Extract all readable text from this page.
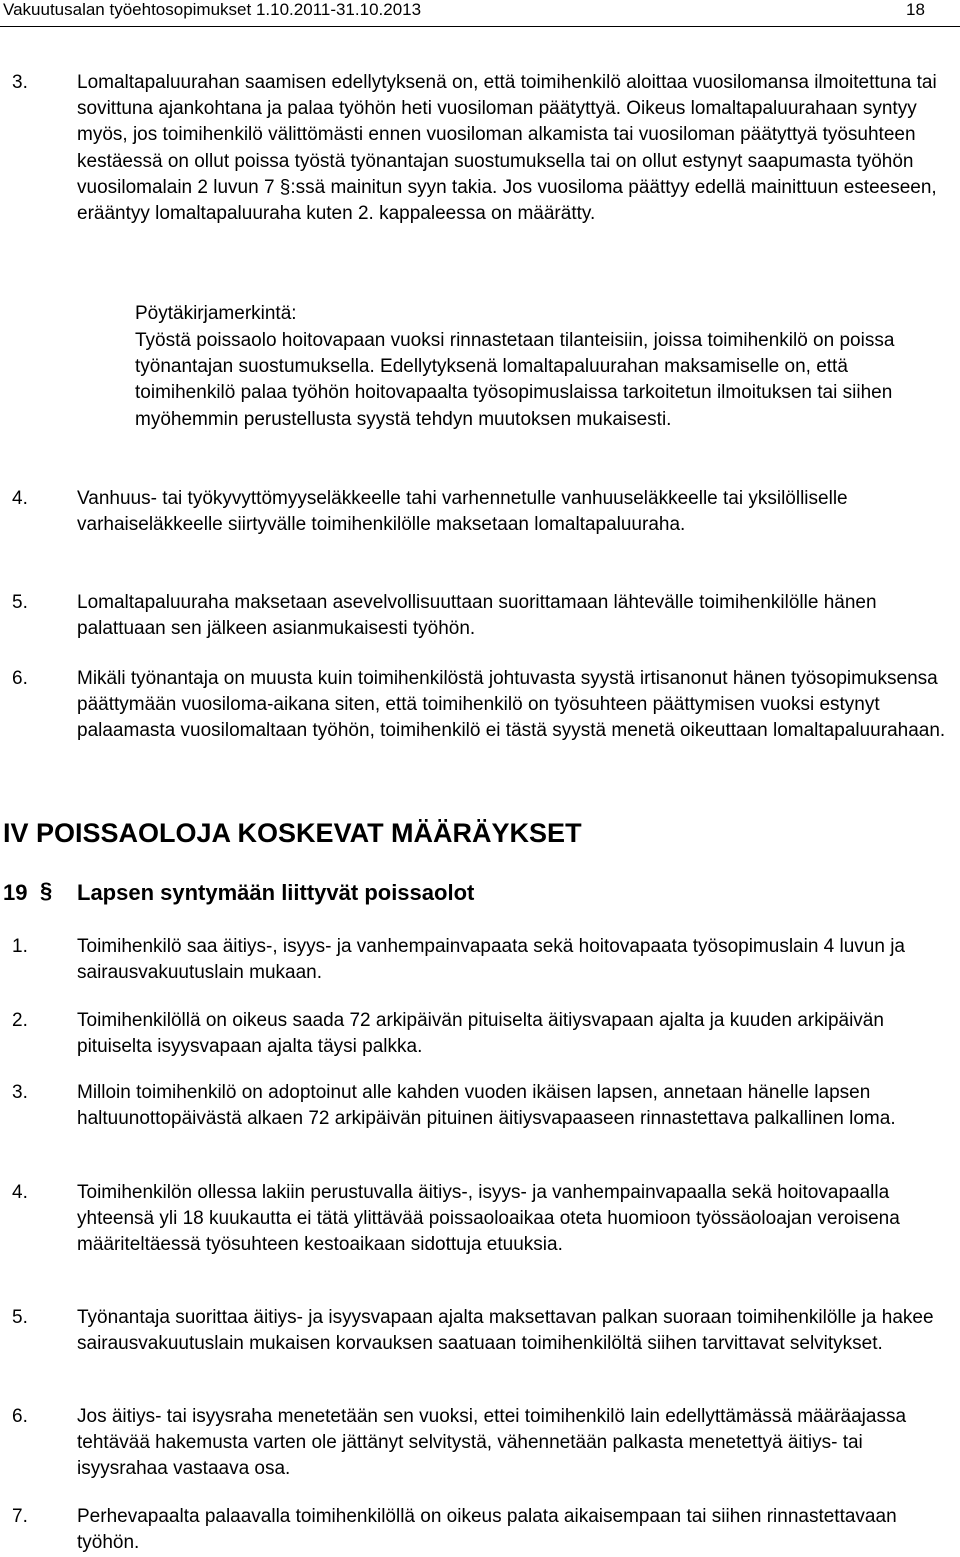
Vakuutusalan työehtosopimukset 1.10.2011-31.10.2013	18
3.	Lomaltapaluurahan saamisen edellytyksenä on, että toimihenkilö aloittaa vuosilomansa ilmoitettuna tai sovittuna ajankohtana ja palaa työhön heti vuosiloman päätyttyä. Oikeus lomaltapaluurahaan syntyy myös, jos toimihenkilö välittömästi ennen vuosiloman alkamista tai vuosiloman päätyttyä työsuhteen kestäessä on ollut poissa työstä työnantajan suostumuksella tai on ollut estynyt saapumasta työhön vuosilomalain 2 luvun 7 §:ssä mainitun syyn takia. Jos vuosiloma päättyy edellä mainittuun esteeseen, erääntyy lomaltapaluuraha kuten 2. kappaleessa on määrätty.
Pöytäkirjamerkintä:
Työstä poissaolo hoitovapaan vuoksi rinnastetaan tilanteisiin, joissa toimihenkilö on poissa työnantajan suostumuksella. Edellytyksenä lomaltapaluurahan maksamiselle on, että toimihenkilö palaa työhön hoitovapaalta työsopimuslaissa tarkoitetun ilmoituksen tai siihen myöhemmin perustellusta syystä tehdyn muutoksen mukaisesti.
4.	Vanhuus- tai työkyvyttömyyseläkkeelle tahi varhennetulle vanhuuseläkkeelle tai yksilölliselle varhaiseläkkeelle siirtyvälle toimihenkilölle maksetaan lomaltapaluuraha.
5.	Lomaltapaluuraha maksetaan asevelvollisuuttaan suorittamaan lähtevälle toimihenkilölle hänen palattuaan sen jälkeen asianmukaisesti työhön.
6.	Mikäli työnantaja on muusta kuin toimihenkilöstä johtuvasta syystä irtisanonut hänen työsopimuksensa päättymään vuosiloma-aikana siten, että toimihenkilö on työsuhteen päättymisen vuoksi estynyt palaamasta vuosilomaltaan työhön, toimihenkilö ei tästä syystä menetä oikeuttaan lomaltapaluurahaan.
IV POISSAOLOJA KOSKEVAT MÄÄRÄYKSET
19 § Lapsen syntymään liittyvät poissaolot
1.	Toimihenkilö saa äitiys-, isyys- ja vanhempainvapaata sekä hoitovapaata työsopimuslain 4 luvun ja sairausvakuutuslain mukaan.
2.	Toimihenkilöllä on oikeus saada 72 arkipäivän pituiselta äitiysvapaan ajalta ja kuuden arkipäivän pituiselta isyysvapaan ajalta täysi palkka.
3.	Milloin toimihenkilö on adoptoinut alle kahden vuoden ikäisen lapsen, annetaan hänelle lapsen haltuunottopäivästä alkaen 72 arkipäivän pituinen äitiysvapaaseen rinnastettava palkallinen loma.
4.	Toimihenkilön ollessa lakiin perustuvalla äitiys-, isyys- ja vanhempainvapaalla sekä hoitovapaalla yhteensä yli 18 kuukautta ei tätä ylittävää poissaoloaikaa oteta huomioon työssäoloajan veroisena määriteltäessä työsuhteen kestoaikaan sidottuja etuuksia.
5.	Työnantaja suorittaa äitiys- ja isyysvapaan ajalta maksettavan palkan suoraan toimihenkilölle ja hakee sairausvakuutuslain mukaisen korvauksen saatuaan toimihenkilöltä siihen tarvittavat selvitykset.
6.	Jos äitiys- tai isyysraha menetetään sen vuoksi, ettei toimihenkilö lain edellyttämässä määräajassa tehtävää hakemusta varten ole jättänyt selvitystä, vähennetään palkasta menetettyä äitiys- tai isyysrahaa vastaava osa.
7.	Perhevapaalta palaavalla toimihenkilöllä on oikeus palata aikaisempaan tai siihen rinnastettavaan työhön.
